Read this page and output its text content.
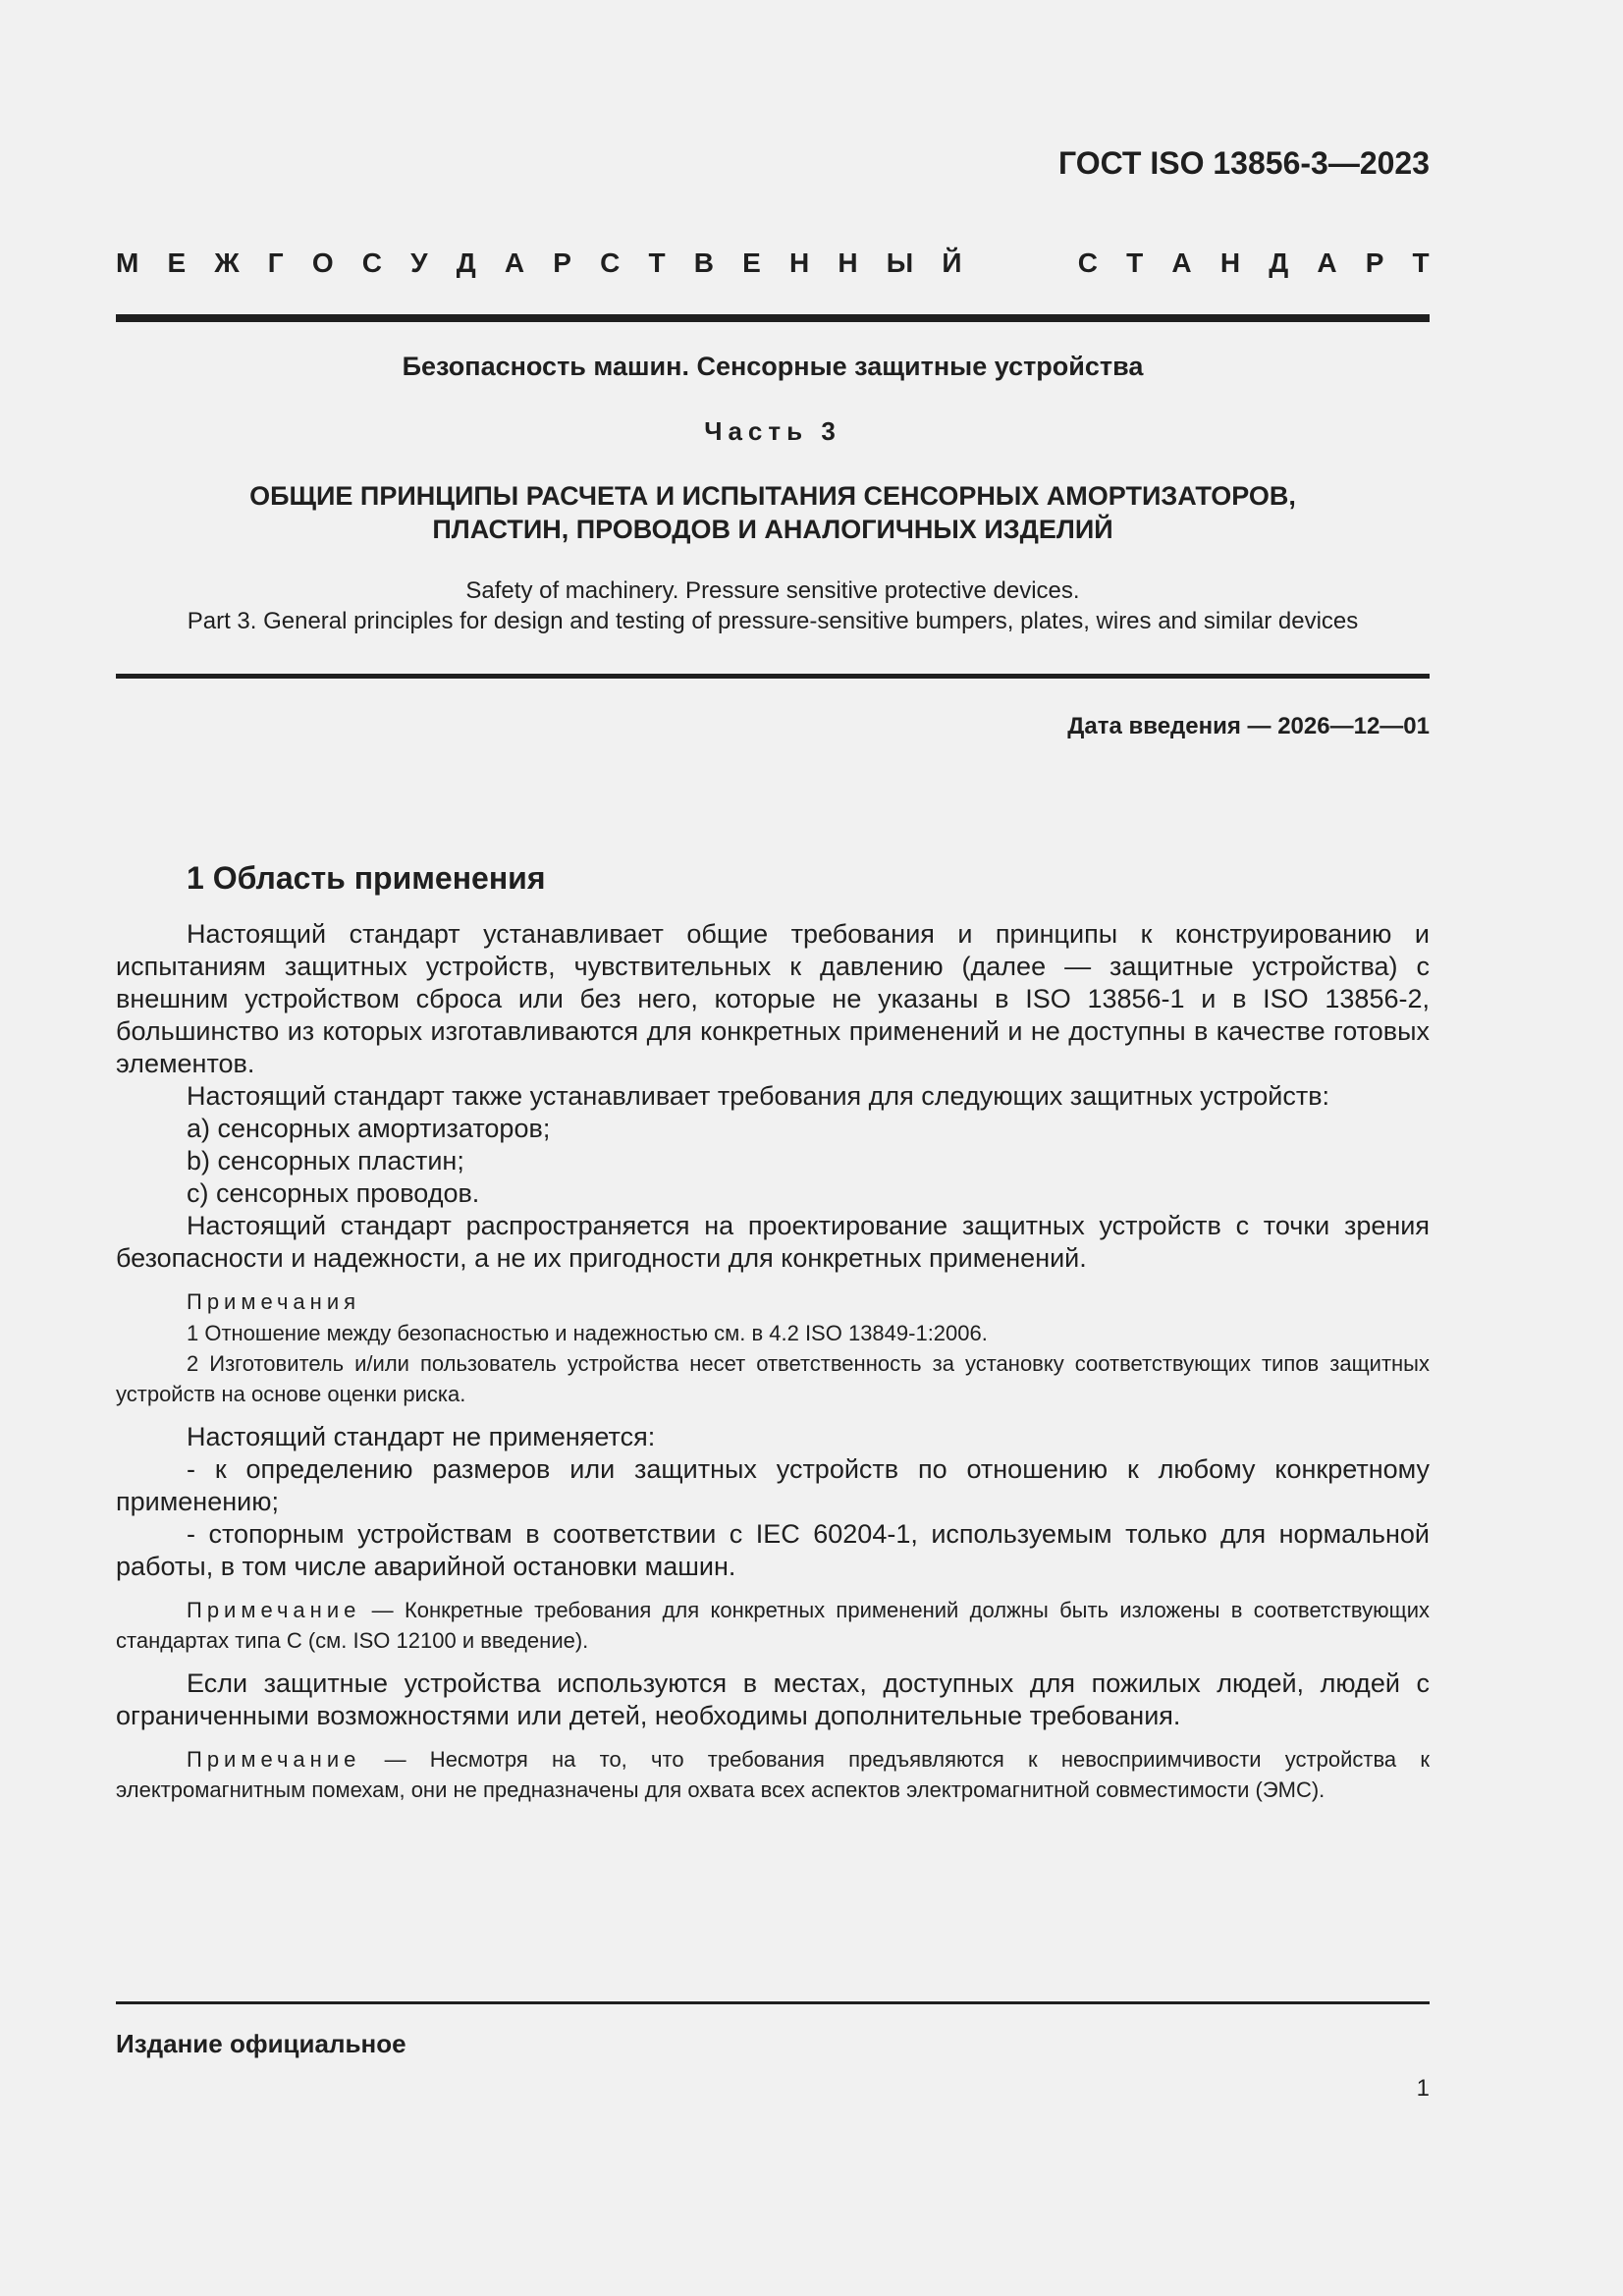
ГОСТ ISO 13856-3—2023
М Е Ж Г О С У Д А Р С Т В Е Н Н Ы Й	С Т А Н Д А Р Т
Безопасность машин. Сенсорные защитные устройства
Часть 3
ОБЩИЕ ПРИНЦИПЫ РАСЧЕТА И ИСПЫТАНИЯ СЕНСОРНЫХ АМОРТИЗАТОРОВ,
ПЛАСТИН, ПРОВОДОВ И АНАЛОГИЧНЫХ ИЗДЕЛИЙ
Safety of machinery. Pressure sensitive protective devices.
Part 3. General principles for design and testing of pressure-sensitive bumpers, plates, wires and similar devices
Дата введения — 2026—12—01
1 Область применения

Настоящий стандарт устанавливает общие требования и принципы к конструированию и испытаниям защитных устройств, чувствительных к давлению (далее — защитные устройства) с внешним устройством сброса или без него, которые не указаны в ISO 13856-1 и в ISO 13856-2, большинство из которых изготавливаются для конкретных применений и не доступны в качестве готовых элементов.

Настоящий стандарт также устанавливает требования для следующих защитных устройств:

a) сенсорных амортизаторов;

b) сенсорных пластин;

c) сенсорных проводов.

Настоящий стандарт распространяется на проектирование защитных устройств с точки зрения безопасности и надежности, а не их пригодности для конкретных применений.

Примечания

1 Отношение между безопасностью и надежностью см. в 4.2 ISO 13849-1:2006.

2 Изготовитель и/или пользователь устройства несет ответственность за установку соответствующих типов защитных устройств на основе оценки риска.

Настоящий стандарт не применяется:

- к определению размеров или защитных устройств по отношению к любому конкретному применению;

- стопорным устройствам в соответствии с IEC 60204-1, используемым только для нормальной работы, в том числе аварийной остановки машин.

Примечание — Конкретные требования для конкретных применений должны быть изложены в соответствующих стандартах типа С (см. ISO 12100 и введение).

Если защитные устройства используются в местах, доступных для пожилых людей, людей с ограниченными возможностями или детей, необходимы дополнительные требования.

Примечание — Несмотря на то, что требования предъявляются к невосприимчивости устройства к электромагнитным помехам, они не предназначены для охвата всех аспектов электромагнитной совместимости (ЭМС).

Издание официальное
1
